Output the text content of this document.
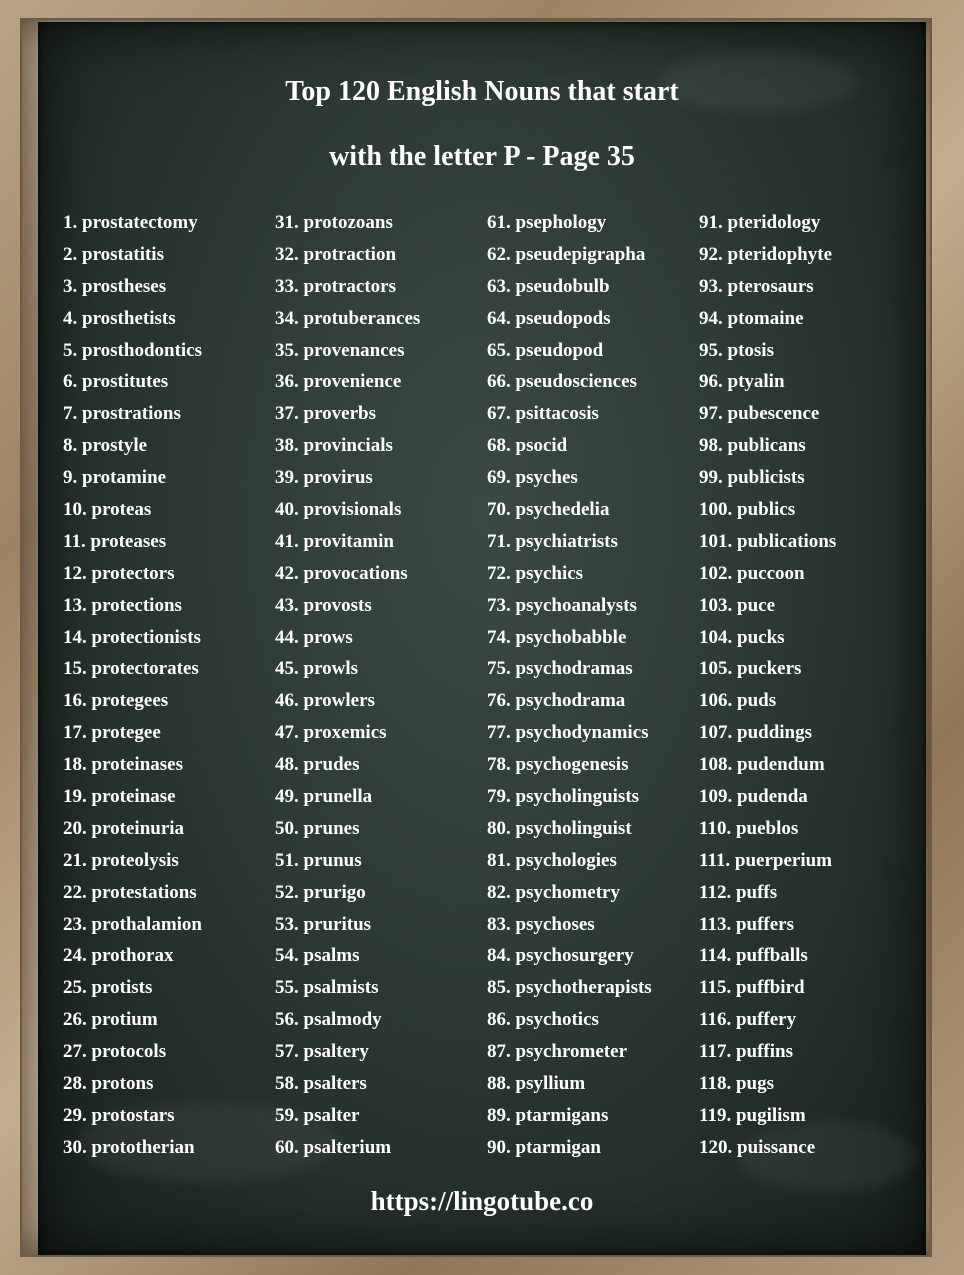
Top 120 English Nouns that start
with the letter P - Page 35
1. prostatectomy
2. prostatitis
3. prostheses
4. prosthetists
5. prosthodontics
6. prostitutes
7. prostrations
8. prostyle
9. protamine
10. proteas
11. proteases
12. protectors
13. protections
14. protectionists
15. protectorates
16. protegees
17. protegee
18. proteinases
19. proteinase
20. proteinuria
21. proteolysis
22. protestations
23. prothalamion
24. prothorax
25. protists
26. protium
27. protocols
28. protons
29. protostars
30. prototherian
31. protozoans
32. protraction
33. protractors
34. protuberances
35. provenances
36. provenience
37. proverbs
38. provincials
39. provirus
40. provisionals
41. provitamin
42. provocations
43. provosts
44. prows
45. prowls
46. prowlers
47. proxemics
48. prudes
49. prunella
50. prunes
51. prunus
52. prurigo
53. pruritus
54. psalms
55. psalmists
56. psalmody
57. psaltery
58. psalters
59. psalter
60. psalterium
61. psephology
62. pseudepigrapha
63. pseudobulb
64. pseudopods
65. pseudopod
66. pseudosciences
67. psittacosis
68. psocid
69. psyches
70. psychedelia
71. psychiatrists
72. psychics
73. psychoanalysts
74. psychobabble
75. psychodramas
76. psychodrama
77. psychodynamics
78. psychogenesis
79. psycholinguists
80. psycholinguist
81. psychologies
82. psychometry
83. psychoses
84. psychosurgery
85. psychotherapists
86. psychotics
87. psychrometer
88. psyllium
89. ptarmigans
90. ptarmigan
91. pteridology
92. pteridophyte
93. pterosaurs
94. ptomaine
95. ptosis
96. ptyalin
97. pubescence
98. publicans
99. publicists
100. publics
101. publications
102. puccoon
103. puce
104. pucks
105. puckers
106. puds
107. puddings
108. pudendum
109. pudenda
110. pueblos
111. puerperium
112. puffs
113. puffers
114. puffballs
115. puffbird
116. puffery
117. puffins
118. pugs
119. pugilism
120. puissance
https://lingotube.co
